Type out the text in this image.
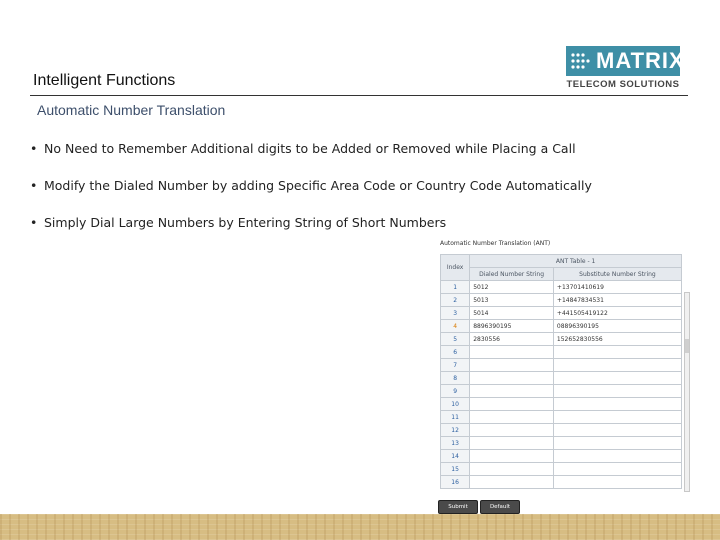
Intelligent Functions
Automatic Number Translation
MATRIX
TELECOM SOLUTIONS
• No Need to Remember Additional digits to be Added or Removed while Placing a Call
• Modify the Dialed Number by adding Specific Area Code or Country Code Automatically
• Simply Dial Large Numbers by Entering String of Short Numbers
Automatic Number Translation (ANT)
Index	ANT Table - 1	
	Dialed Number String	Substitute Number String
1	5012	+13701410619
2	5013	+14847834531
3	5014	+441505419122
4	8896390195	08896390195
5	2830556	152652830556
6		
7		
8		
9		
10		
11		
12		
13		
14		
15		
16		
Submit	Default
